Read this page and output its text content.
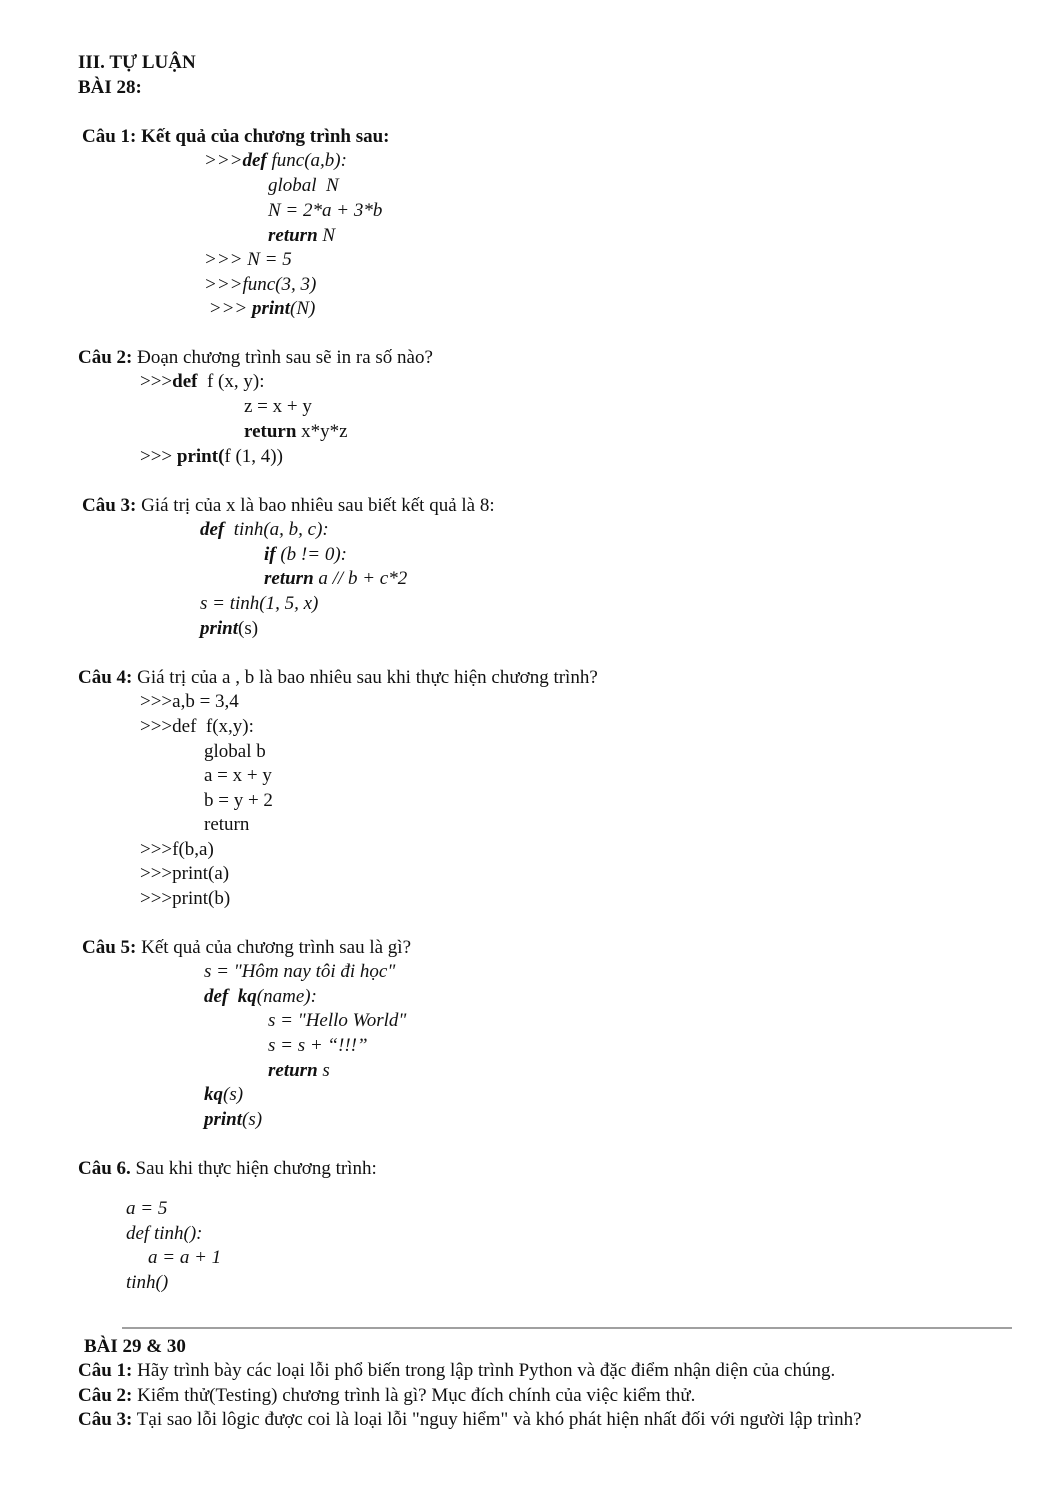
III. TỰ LUẬN
BÀI 28:
Câu 1: Kết quả của chương trình sau:
>>>def func(a,b):
global  N
N = 2*a + 3*b
return N
>>> N = 5
>>>func(3, 3)
>>> print(N)
Câu 2: Đoạn chương trình sau sẽ in ra số nào?
>>>def  f (x, y):
z = x + y
return x*y*z
>>> print(f (1, 4))
Câu 3: Giá trị của x là bao nhiêu sau biết kết quả là 8:
def  tinh(a, b, c):
if (b != 0):
return a // b + c*2
s = tinh(1, 5, x)
print(s)
Câu 4: Giá trị của a , b là bao nhiêu sau khi thực hiện chương trình?
>>>a,b = 3,4
>>>def  f(x,y):
global b
a = x + y
b = y + 2
return
>>>f(b,a)
>>>print(a)
>>>print(b)
Câu 5: Kết quả của chương trình sau là gì?
s = "Hôm nay tôi đi học"
def  kq(name):
s = "Hello World"
s = s + “!!!”
return s
kq(s)
print(s)
Câu 6. Sau khi thực hiện chương trình:
a = 5
def tinh():
a = a + 1
tinh()
BÀI 29 & 30
Câu 1: Hãy trình bày các loại lỗi phổ biến trong lập trình Python và đặc điểm nhận diện của chúng.
Câu 2: Kiểm thử(Testing) chương trình là gì? Mục đích chính của việc kiểm thử.
Câu 3: Tại sao lỗi lôgic được coi là loại lỗi "nguy hiểm" và khó phát hiện nhất đối với người lập trình?
